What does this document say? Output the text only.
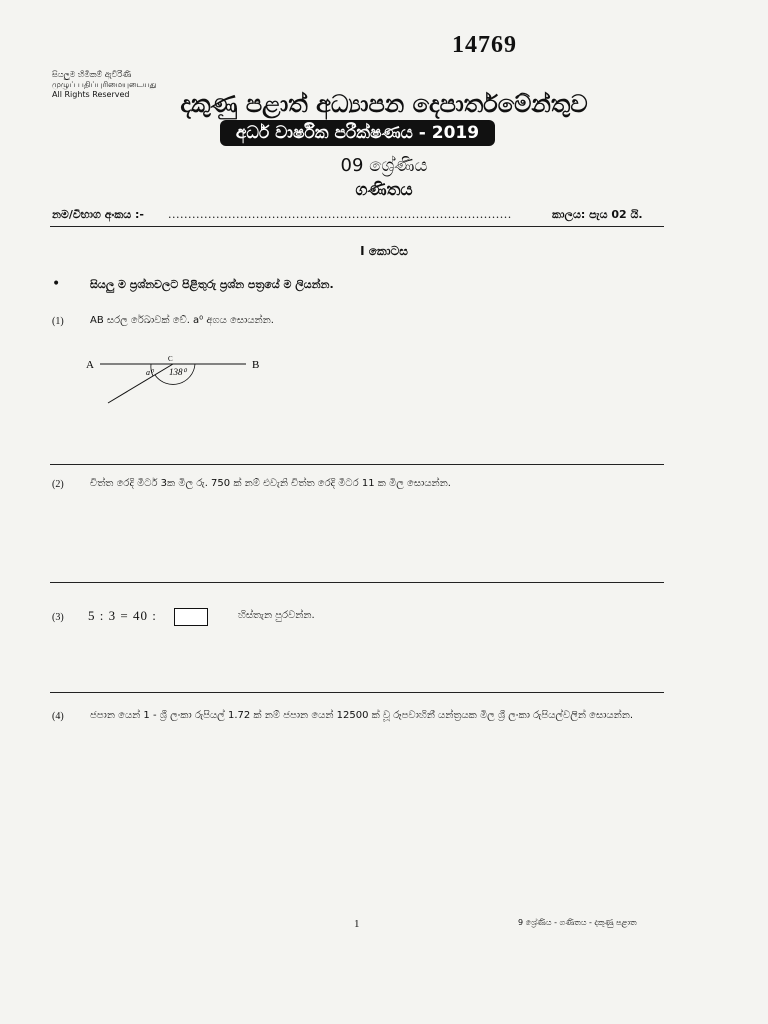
14769
සියලුම හිමිකම් ඇවිරිණි
முழுப் பதிப்புரிமையுடையது
All Rights Reserved	දකුණු පළාත් අධ්‍යාපන දෙපාර්තමේන්තුව
අර්ධ වාර්ෂික පරීක්ෂණය - 2019
09 ශ්‍රේණිය
ගණිතය
නම/විභාග අංකය :- ......................................................................................	කාලය: පැය 02 යි.
I කොටස
•	සියලු ම ප්‍රශ්නවලට පිළිතුරු ප්‍රශ්න පත්‍රයේ ම ලියන්න.
(1)	AB සරල රේඛාවක් වේ. a⁰ අගය සොයන්න.
A	B
C
a⁰ 138⁰
(2)	චිත්ත රෙදි මීටර් 3ක මිල රු. 750 ක් නම් එවැනි චිත්ත රෙදි මීටර 11 ක මිල සොයන්න.
(3) 5 : 3 = 40 :	හිස්තැන පුරවන්න.
(4)	ජපාන යෙන් 1 - ශ්‍රී ලංකා රුපියල් 1.72 ක් නම් ජපාන යෙන් 12500 ක් වූ රූපවාහිනී යන්ත්‍රයක මිල ශ්‍රී ලංකා රුපියල්වලින් සොයන්න.
1	9 ශ්‍රේණිය - ගණිතය - දකුණු පළාත
